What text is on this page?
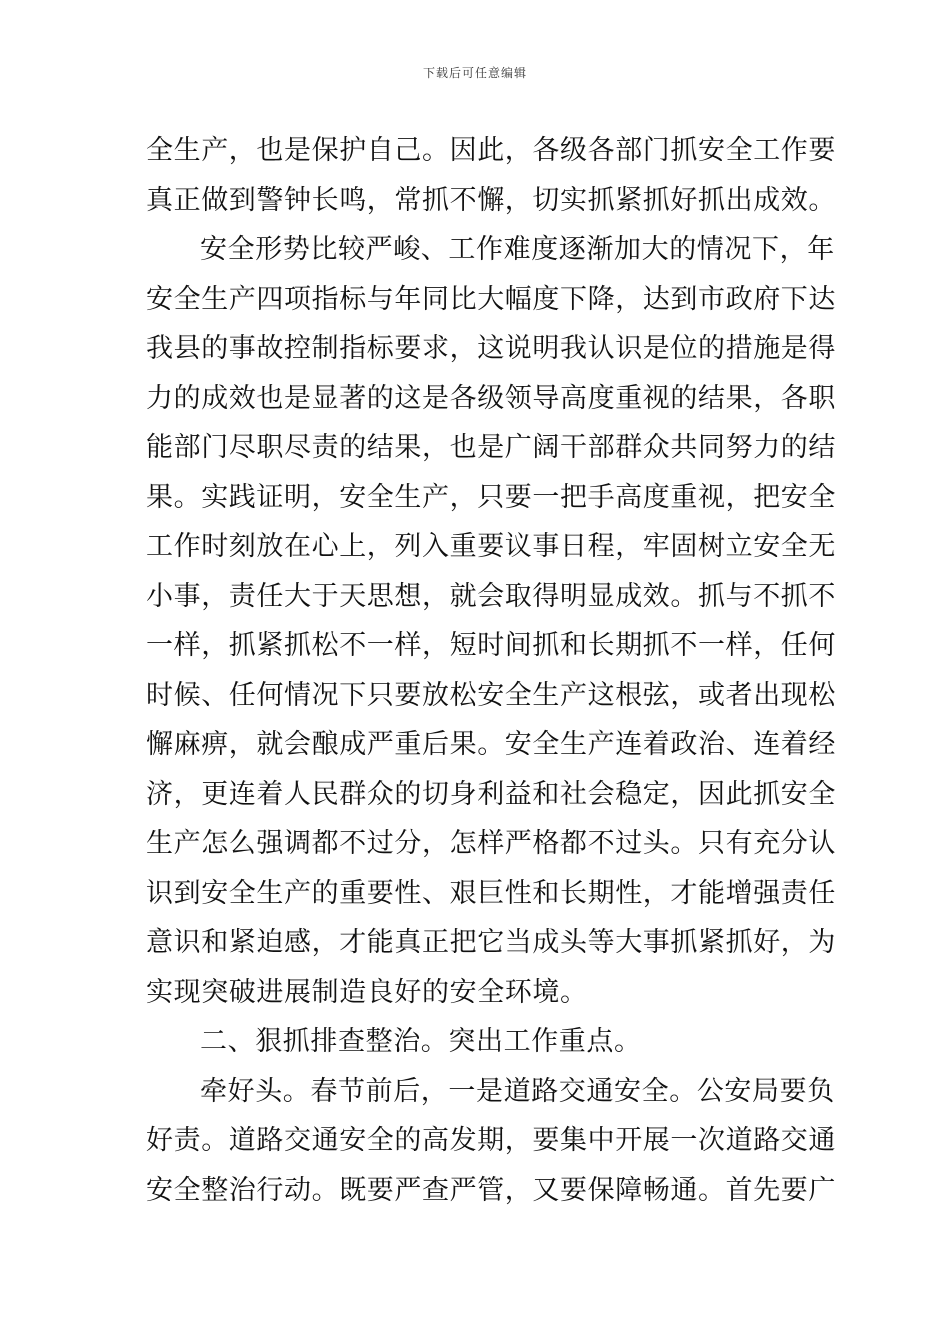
下载后可任意编辑
全生产，也是保护自己。因此，各级各部门抓安全工作要
真正做到警钟长鸣，常抓不懈，切实抓紧抓好抓出成效。
安全形势比较严峻、工作难度逐渐加大的情况下，年
安全生产四项指标与年同比大幅度下降，达到市政府下达
我县的事故控制指标要求，这说明我认识是位的措施是得
力的成效也是显著的这是各级领导高度重视的结果，各职
能部门尽职尽责的结果，也是广阔干部群众共同努力的结
果。实践证明，安全生产，只要一把手高度重视，把安全
工作时刻放在心上，列入重要议事日程，牢固树立安全无
小事，责任大于天思想，就会取得明显成效。抓与不抓不
一样，抓紧抓松不一样，短时间抓和长期抓不一样，任何
时候、任何情况下只要放松安全生产这根弦，或者出现松
懈麻痹，就会酿成严重后果。安全生产连着政治、连着经
济，更连着人民群众的切身利益和社会稳定，因此抓安全
生产怎么强调都不过分，怎样严格都不过头。只有充分认
识到安全生产的重要性、艰巨性和长期性，才能增强责任
意识和紧迫感，才能真正把它当成头等大事抓紧抓好，为
实现突破进展制造良好的安全环境。
二、狠抓排查整治。突出工作重点。
牵好头。春节前后，一是道路交通安全。公安局要负
好责。道路交通安全的高发期，要集中开展一次道路交通
安全整治行动。既要严查严管，又要保障畅通。首先要广
